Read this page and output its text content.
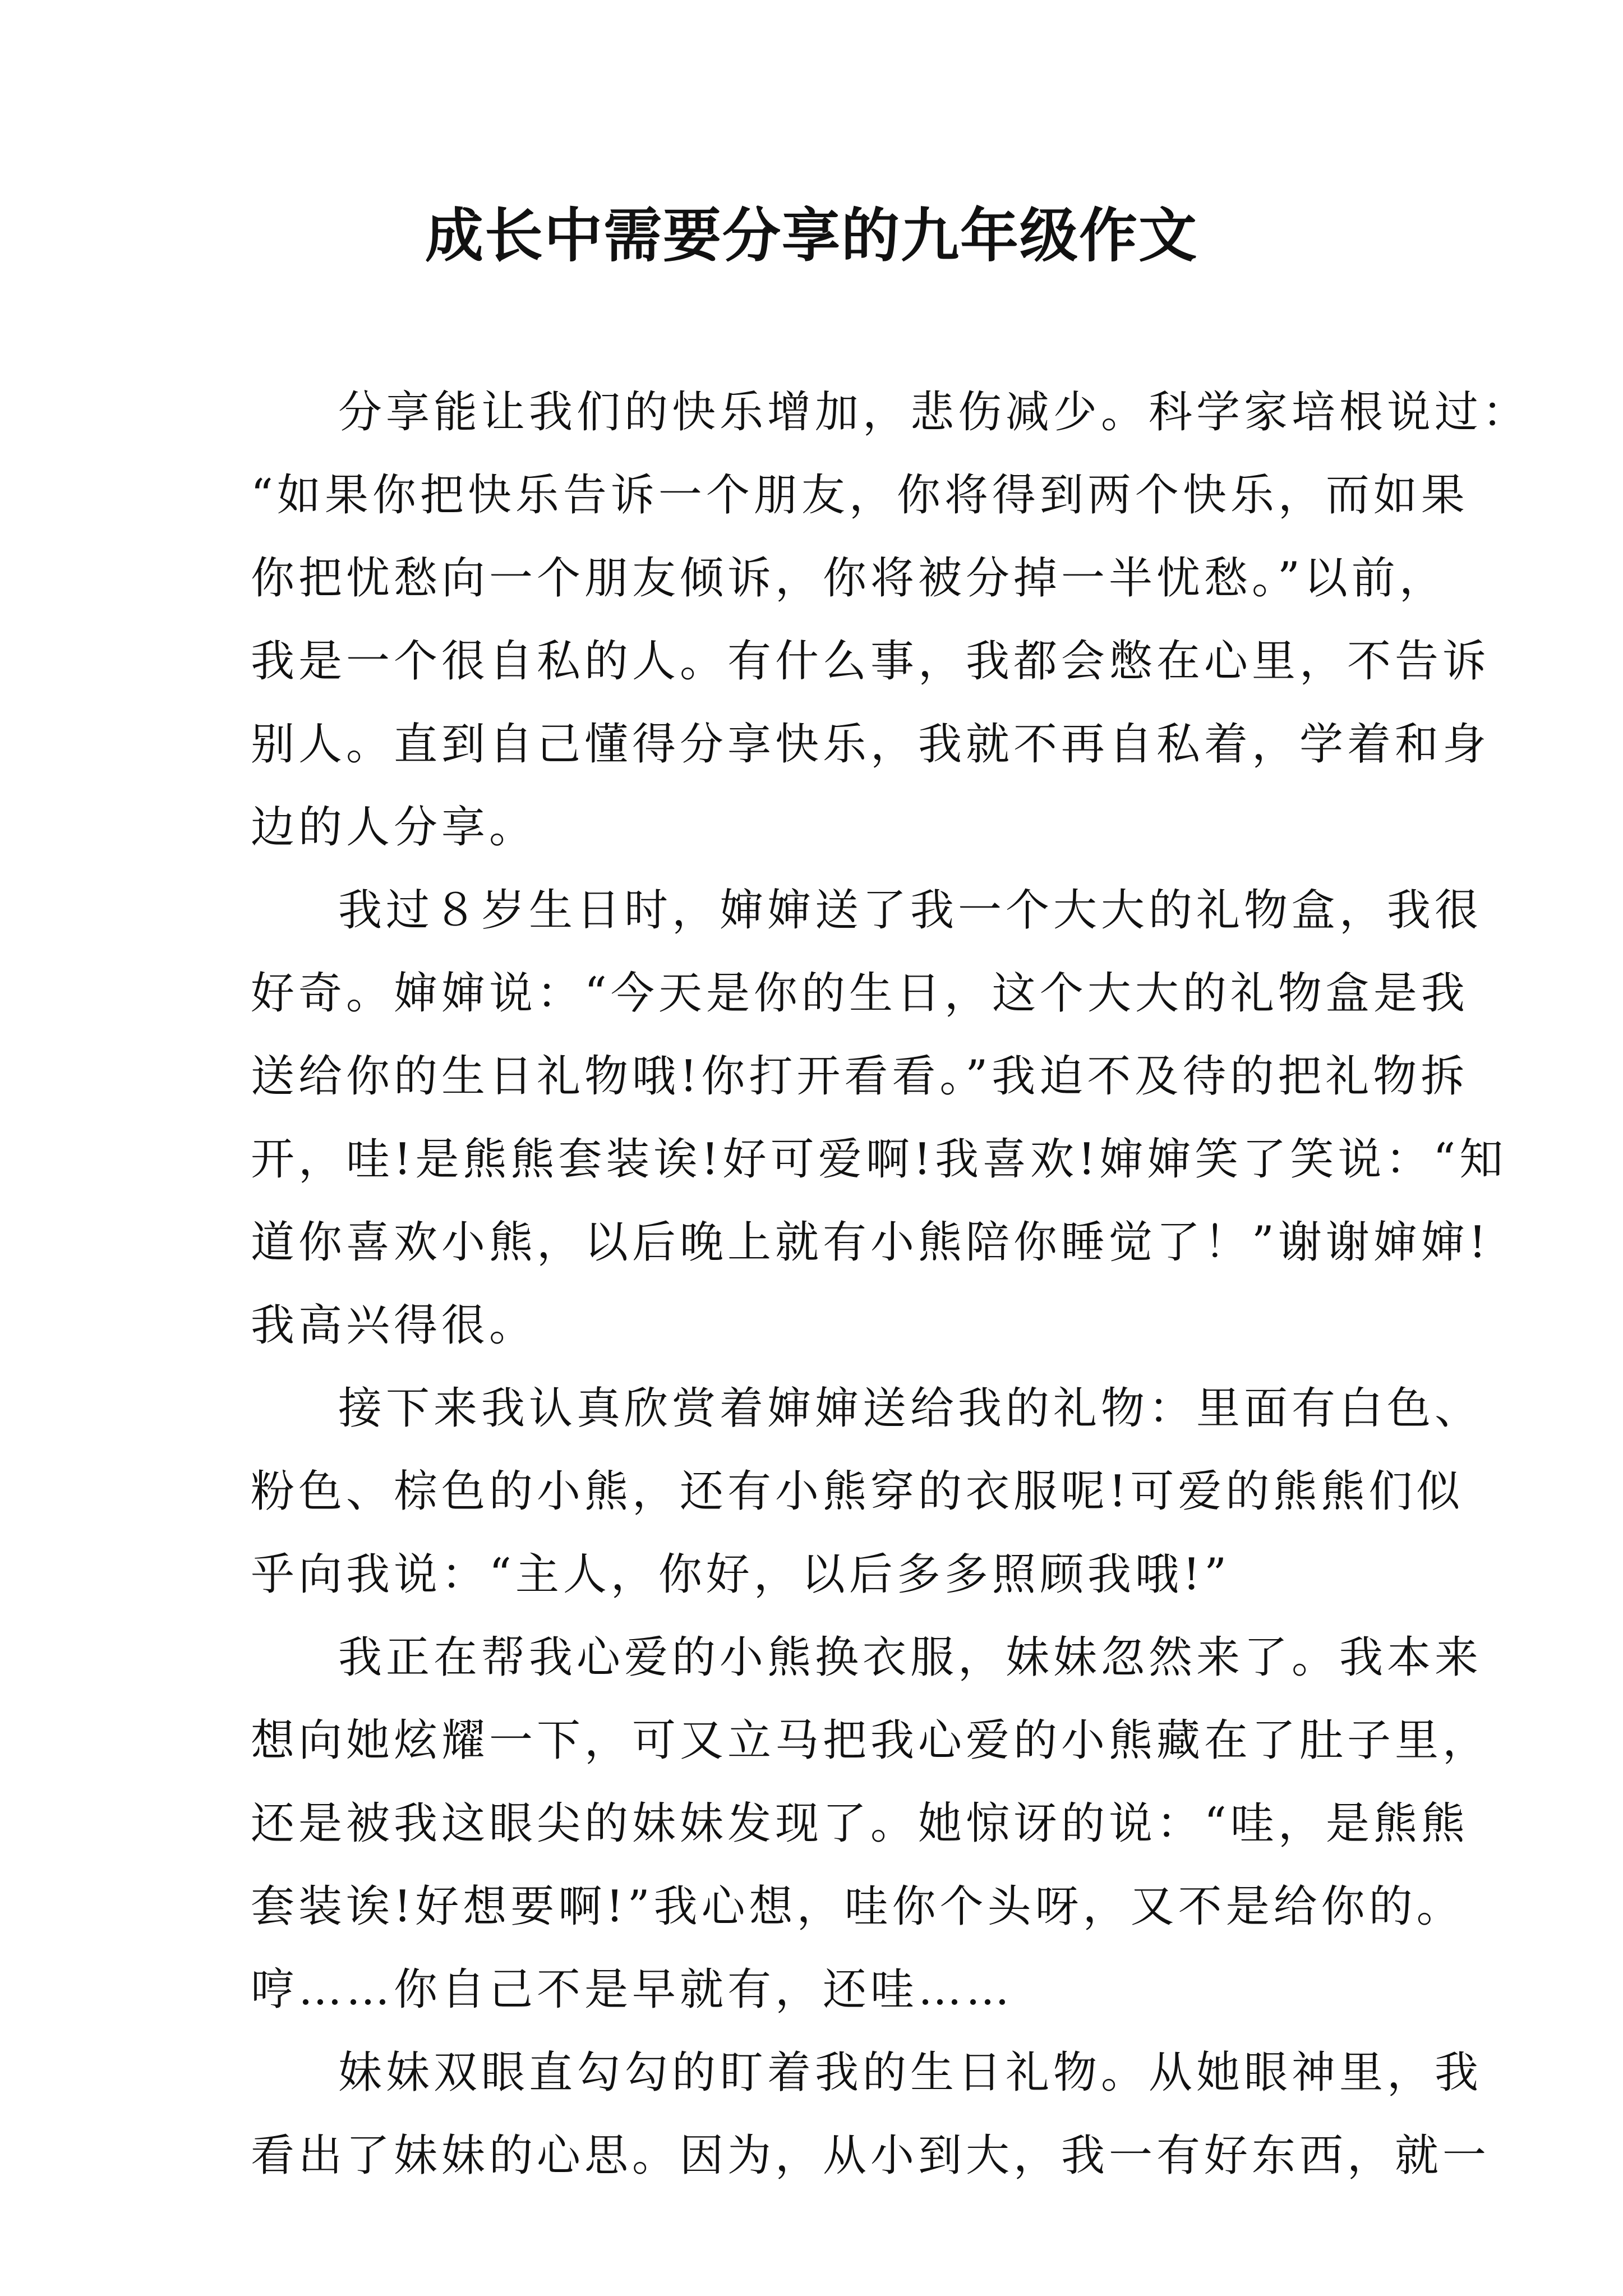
成长中需要分享的九年级作文
分享能让我们的快乐增加，悲伤减少。科学家培根说过：
“如果你把快乐告诉一个朋友，你将得到两个快乐，而如果
你把忧愁向一个朋友倾诉，你将被分掉一半忧愁。”以前，
我是一个很自私的人。有什么事，我都会憋在心里，不告诉
别人。直到自己懂得分享快乐，我就不再自私着，学着和身
边的人分享。
我过８岁生日时，婶婶送了我一个大大的礼物盒，我很
好奇。婶婶说：“今天是你的生日，这个大大的礼物盒是我
送给你的生日礼物哦!你打开看看。”我迫不及待的把礼物拆
开，哇!是熊熊套装诶!好可爱啊!我喜欢!婶婶笑了笑说：“知
道你喜欢小熊，以后晚上就有小熊陪你睡觉了！”谢谢婶婶!
我高兴得很。
接下来我认真欣赏着婶婶送给我的礼物：里面有白色、
粉色、棕色的小熊，还有小熊穿的衣服呢!可爱的熊熊们似
乎向我说：“主人，你好，以后多多照顾我哦!”
我正在帮我心爱的小熊换衣服，妹妹忽然来了。我本来
想向她炫耀一下，可又立马把我心爱的小熊藏在了肚子里，
还是被我这眼尖的妹妹发现了。她惊讶的说：“哇，是熊熊
套装诶!好想要啊!”我心想，哇你个头呀，又不是给你的。
哼……你自己不是早就有，还哇……
妹妹双眼直勾勾的盯着我的生日礼物。从她眼神里，我
看出了妹妹的心思。因为，从小到大，我一有好东西，就一
